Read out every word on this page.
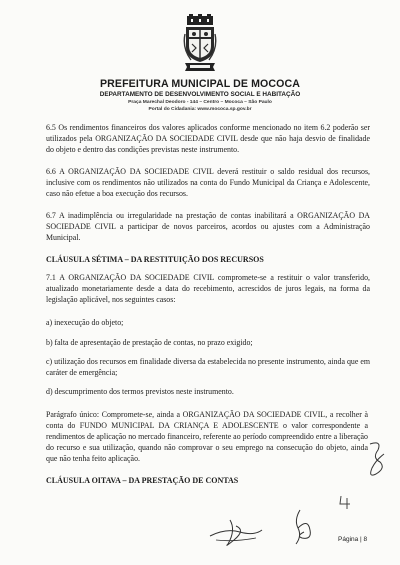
PREFEITURA MUNICIPAL DE MOCOCA
DEPARTAMENTO DE DESENVOLVIMENTO SOCIAL E HABITAÇÃO
Praça Marechal Deodoro - 144 – Centro – Mococa – São Paulo
Portal do Cidadania: www.mococa.sp.gov.br

6.5 Os rendimentos financeiros dos valores aplicados conforme mencionado no item 6.2 poderão ser utilizados pela ORGANIZAÇÃO DA SOCIEDADE CIVIL desde que não haja desvio de finalidade do objeto e dentro das condições previstas neste instrumento.

6.6 A ORGANIZAÇÃO DA SOCIEDADE CIVIL deverá restituir o saldo residual dos recursos, inclusive com os rendimentos não utilizados na conta do Fundo Municipal da Criança e Adolescente, caso não efetue a boa execução dos recursos.

6.7 A inadimplência ou irregularidade na prestação de contas inabilitará a ORGANIZAÇÃO DA SOCIEDADE CIVIL a participar de novos parceiros, acordos ou ajustes com a Administração Municipal.

CLÁUSULA SÉTIMA – DA RESTITUIÇÃO DOS RECURSOS

7.1 A ORGANIZAÇÃO DA SOCIEDADE CIVIL compromete-se a restituir o valor transferido, atualizado monetariamente desde a data do recebimento, acrescidos de juros legais, na forma da legislação aplicável, nos seguintes casos:

a) inexecução do objeto;

b) falta de apresentação de prestação de contas, no prazo exigido;

c) utilização dos recursos em finalidade diversa da estabelecida no presente instrumento, ainda que em caráter de emergência;

d) descumprimento dos termos previstos neste instrumento.

Parágrafo único: Compromete-se, ainda a ORGANIZAÇÃO DA SOCIEDADE CIVIL, a recolher à conta do FUNDO MUNICIPAL DA CRIANÇA E ADOLESCENTE o valor correspondente a rendimentos de aplicação no mercado financeiro, referente ao período compreendido entre a liberação do recurso e sua utilização, quando não comprovar o seu emprego na consecução do objeto, ainda que não tenha feito aplicação.

CLÁUSULA OITAVA – DA PRESTAÇÃO DE CONTAS

Página | 8
